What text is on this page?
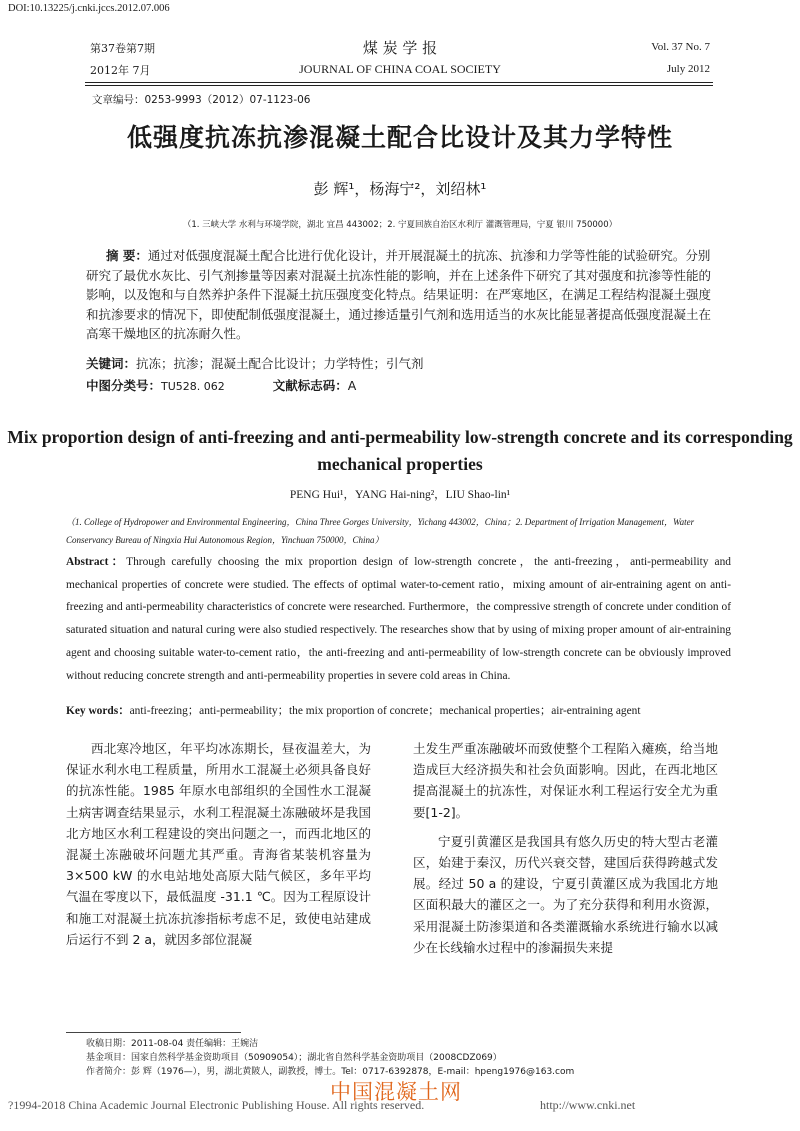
DOI:10.13225/j.cnki.jccs.2012.07.006
第37卷第7期
2012年 7月
煤 炭 学 报
JOURNAL OF CHINA COAL SOCIETY
Vol. 37 No. 7
July 2012
文章编号：0253-9993（2012）07-1123-06
低强度抗冻抗渗混凝土配合比设计及其力学特性
彭 辉¹，杨海宁²，刘绍林¹
（1. 三峡大学 水利与环境学院，湖北 宜昌 443002；2. 宁夏回族自治区水利厅 灌溉管理局，宁夏 银川 750000）
摘 要：通过对低强度混凝土配合比进行优化设计，并开展混凝土的抗冻、抗渗和力学等性能的试验研究。分别研究了最优水灰比、引气剂掺量等因素对混凝土抗冻性能的影响，并在上述条件下研究了其对强度和抗渗等性能的影响，以及饱和与自然养护条件下混凝土抗压强度变化特点。结果证明：在严寒地区，在满足工程结构混凝土强度和抗渗要求的情况下，即使配制低强度混凝土，通过掺适量引气剂和选用适当的水灰比能显著提高低强度混凝土在高寒干燥地区的抗冻耐久性。
关键词：抗冻；抗渗；混凝土配合比设计；力学特性；引气剂
中图分类号：TU528. 062	文献标志码：A
Mix proportion design of anti-freezing and anti-permeability low-strength concrete and its corresponding mechanical properties
PENG Hui¹，YANG Hai-ning²，LIU Shao-lin¹
（1. College of Hydropower and Environmental Engineering，China Three Gorges University，Yichang 443002，China；2. Department of Irrigation Management，Water Conservancy Bureau of Ningxia Hui Autonomous Region，Yinchuan 750000，China）
Abstract：Through carefully choosing the mix proportion design of low-strength concrete，the anti-freezing，anti-permeability and mechanical properties of concrete were studied. The effects of optimal water-to-cement ratio，mixing amount of air-entraining agent on anti-freezing and anti-permeability characteristics of concrete were researched. Furthermore，the compressive strength of concrete under condition of saturated situation and natural curing were also studied respectively. The researches show that by using of mixing proper amount of air-entraining agent and choosing suitable water-to-cement ratio，the anti-freezing and anti-permeability of low-strength concrete can be obviously improved without reducing concrete strength and anti-permeability properties in severe cold areas in China.
Key words：anti-freezing；anti-permeability；the mix proportion of concrete；mechanical properties；air-entraining agent

西北寒冷地区，年平均冰冻期长，昼夜温差大，为保证水利水电工程质量，所用水工混凝土必须具备良好的抗冻性能。1985 年原水电部组织的全国性水工混凝土病害调查结果显示，水利工程混凝土冻融破坏是我国北方地区水利工程建设的突出问题之一，而西北地区的混凝土冻融破坏问题尤其严重。青海省某装机容量为 3×500 kW 的水电站地处高原大陆气候区，多年平均气温在零度以下，最低温度 -31.1 ℃。因为工程原设计和施工对混凝土抗冻抗渗指标考虑不足，致使电站建成后运行不到 2 a，就因多部位混凝

土发生严重冻融破坏而致使整个工程陷入瘫痪，给当地造成巨大经济损失和社会负面影响。因此，在西北地区提高混凝土的抗冻性，对保证水利工程运行安全尤为重要[1-2]。

宁夏引黄灌区是我国具有悠久历史的特大型古老灌区，始建于秦汉，历代兴衰交替，建国后获得跨越式发展。经过 50 a 的建设，宁夏引黄灌区成为我国北方地区面积最大的灌区之一。为了充分获得和利用水资源，采用混凝土防渗渠道和各类灌溉输水系统进行输水以减少在长线输水过程中的渗漏损失来提

收稿日期：2011-08-04 责任编辑：王婉洁
基金项目：国家自然科学基金资助项目（50909054）；湖北省自然科学基金资助项目（2008CDZ069）
作者简介：彭 辉（1976—），男，湖北黄陂人，副教授，博士。Tel：0717-6392878，E-mail：hpeng1976@163.com
中国混凝土网
?1994-2018 China Academic Journal Electronic Publishing House. All rights reserved.	http://www.cnki.net
